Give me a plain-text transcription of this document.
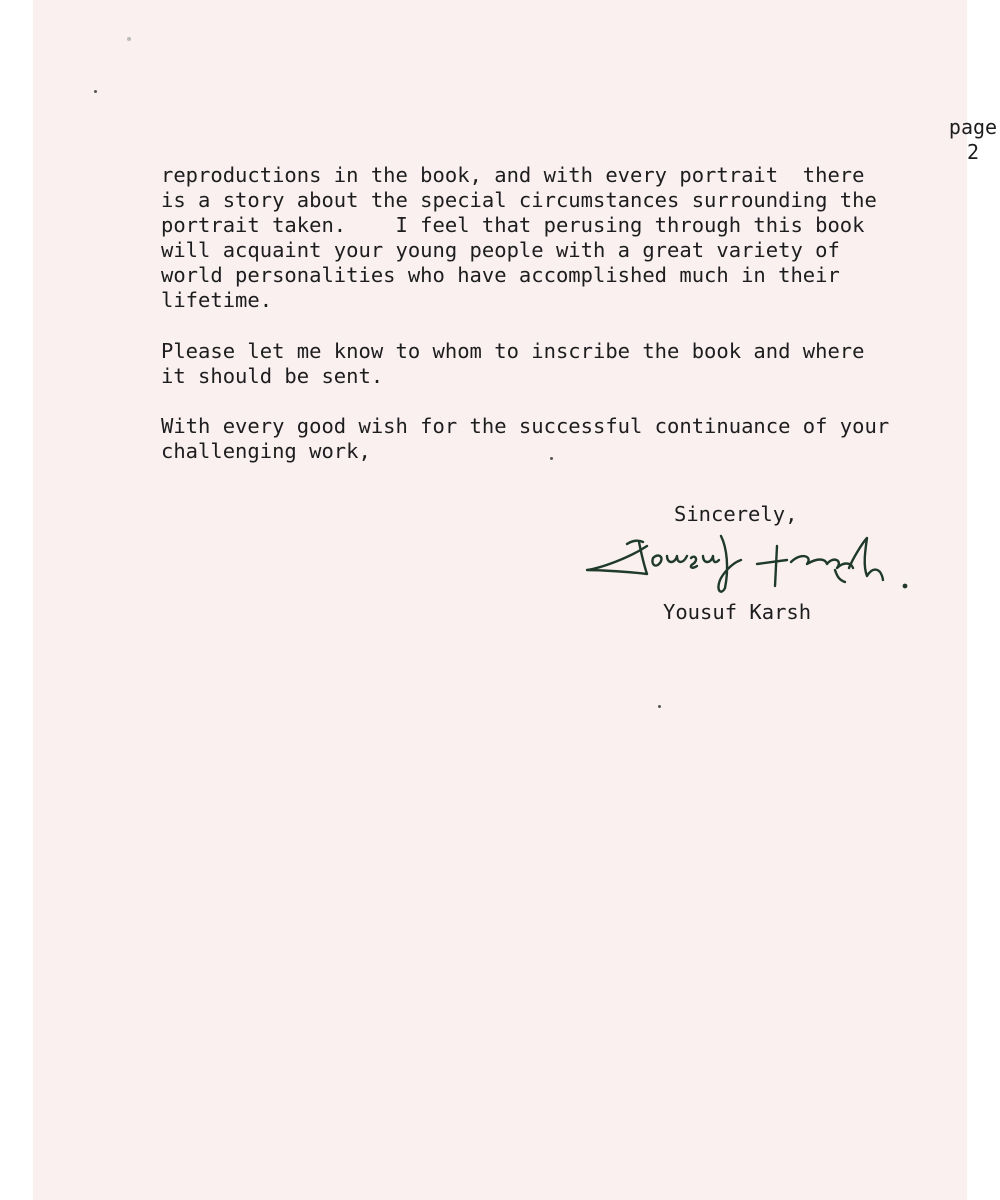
page
2

reproductions in the book, and with every portrait  there
is a story about the special circumstances surrounding the
portrait taken.    I feel that perusing through this book
will acquaint your young people with a great variety of
world personalities who have accomplished much in their
lifetime.

Please let me know to whom to inscribe the book and where
it should be sent.

With every good wish for the successful continuance of your
challenging work,

Sincerely,

Yousuf Karsh
